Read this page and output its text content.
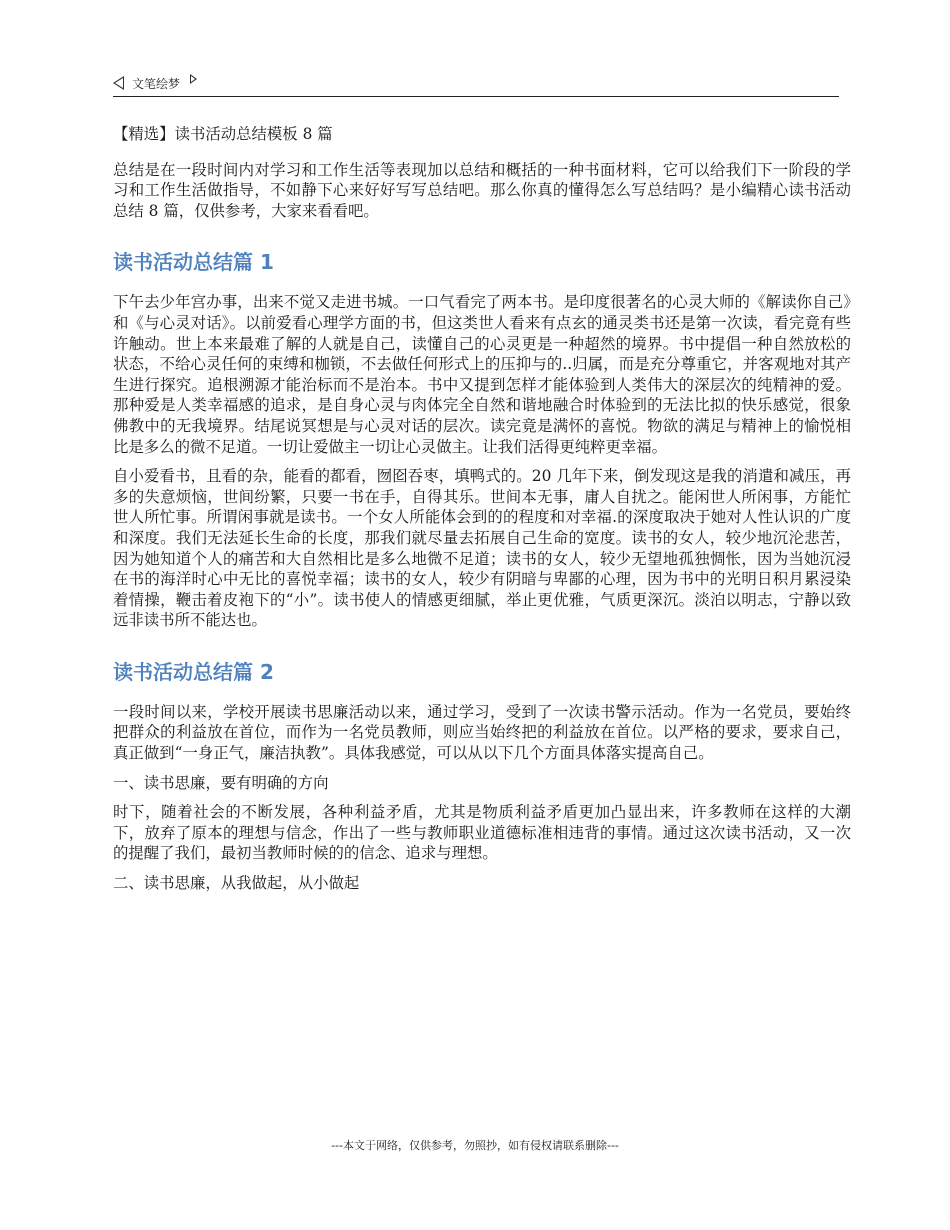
文笔绘梦

【精选】读书活动总结模板 8 篇

总结是在一段时间内对学习和工作生活等表现加以总结和概括的一种书面材料，它可以给我们下一阶段的学习和工作生活做指导，不如静下心来好好写写总结吧。那么你真的懂得怎么写总结吗？是小编精心读书活动总结 8 篇，仅供参考，大家来看看吧。

读书活动总结篇 1

下午去少年宫办事，出来不觉又走进书城。一口气看完了两本书。是印度很著名的心灵大师的《解读你自己》和《与心灵对话》。以前爱看心理学方面的书，但这类世人看来有点玄的通灵类书还是第一次读，看完竟有些许触动。世上本来最难了解的人就是自己，读懂自己的心灵更是一种超然的境界。书中提倡一种自然放松的状态，不给心灵任何的束缚和枷锁，不去做任何形式上的压抑与的..归属，而是充分尊重它，并客观地对其产生进行探究。追根溯源才能治标而不是治本。书中又提到怎样才能体验到人类伟大的深层次的纯精神的爱。那种爱是人类幸福感的追求，是自身心灵与肉体完全自然和谐地融合时体验到的无法比拟的快乐感觉，很象佛教中的无我境界。结尾说冥想是与心灵对话的层次。读完竟是满怀的喜悦。物欲的满足与精神上的愉悦相比是多么的微不足道。一切让爱做主一切让心灵做主。让我们活得更纯粹更幸福。

自小爱看书，且看的杂，能看的都看，囫囵吞枣，填鸭式的。20 几年下来，倒发现这是我的消遣和减压，再多的失意烦恼，世间纷繁，只要一书在手，自得其乐。世间本无事，庸人自扰之。能闲世人所闲事，方能忙世人所忙事。所谓闲事就是读书。一个女人所能体会到的的程度和对幸福.的深度取决于她对人性认识的广度和深度。我们无法延长生命的长度，那我们就尽量去拓展自己生命的宽度。读书的女人，较少地沉沦悲苦，因为她知道个人的痛苦和大自然相比是多么地微不足道；读书的女人，较少无望地孤独惆怅，因为当她沉浸在书的海洋时心中无比的喜悦幸福；读书的女人，较少有阴暗与卑鄙的心理，因为书中的光明日积月累浸染着情操，鞭击着皮袍下的“小”。读书使人的情感更细腻，举止更优雅，气质更深沉。淡泊以明志，宁静以致远非读书所不能达也。

读书活动总结篇 2

一段时间以来，学校开展读书思廉活动以来，通过学习，受到了一次读书警示活动。作为一名党员，要始终把群众的利益放在首位，而作为一名党员教师，则应当始终把的利益放在首位。以严格的要求，要求自己，真正做到“一身正气，廉洁执教”。具体我感觉，可以从以下几个方面具体落实提高自己。

一、读书思廉，要有明确的方向

时下，随着社会的不断发展，各种利益矛盾，尤其是物质利益矛盾更加凸显出来，许多教师在这样的大潮下，放弃了原本的理想与信念，作出了一些与教师职业道德标准相违背的事情。通过这次读书活动，又一次的提醒了我们，最初当教师时候的的信念、追求与理想。

二、读书思廉，从我做起，从小做起

---本文于网络，仅供参考，勿照抄，如有侵权请联系删除---
